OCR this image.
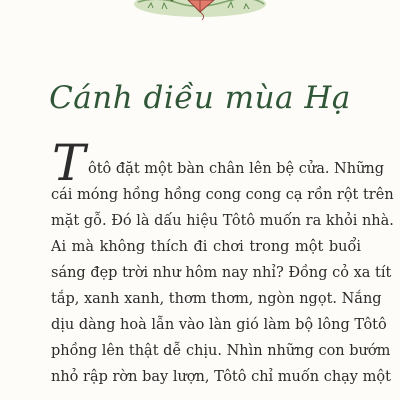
Cánh diều mùa Hạ
T ôtô đặt một bàn chân lên bệ cửa. Những
cái móng hồng hồng cong cong cạ rồn rột trên
mặt gỗ. Đó là dấu hiệu Tôtô muốn ra khỏi nhà.
Ai mà không thích đi chơi trong một buổi
sáng đẹp trời như hôm nay nhỉ? Đồng cỏ xa tít
tắp, xanh xanh, thơm thơm, ngòn ngọt. Nắng
dịu dàng hoà lẫn vào làn gió làm bộ lông Tôtô
phồng lên thật dễ chịu. Nhìn những con bướm
nhỏ rập rờn bay lượn, Tôtô chỉ muốn chạy một
